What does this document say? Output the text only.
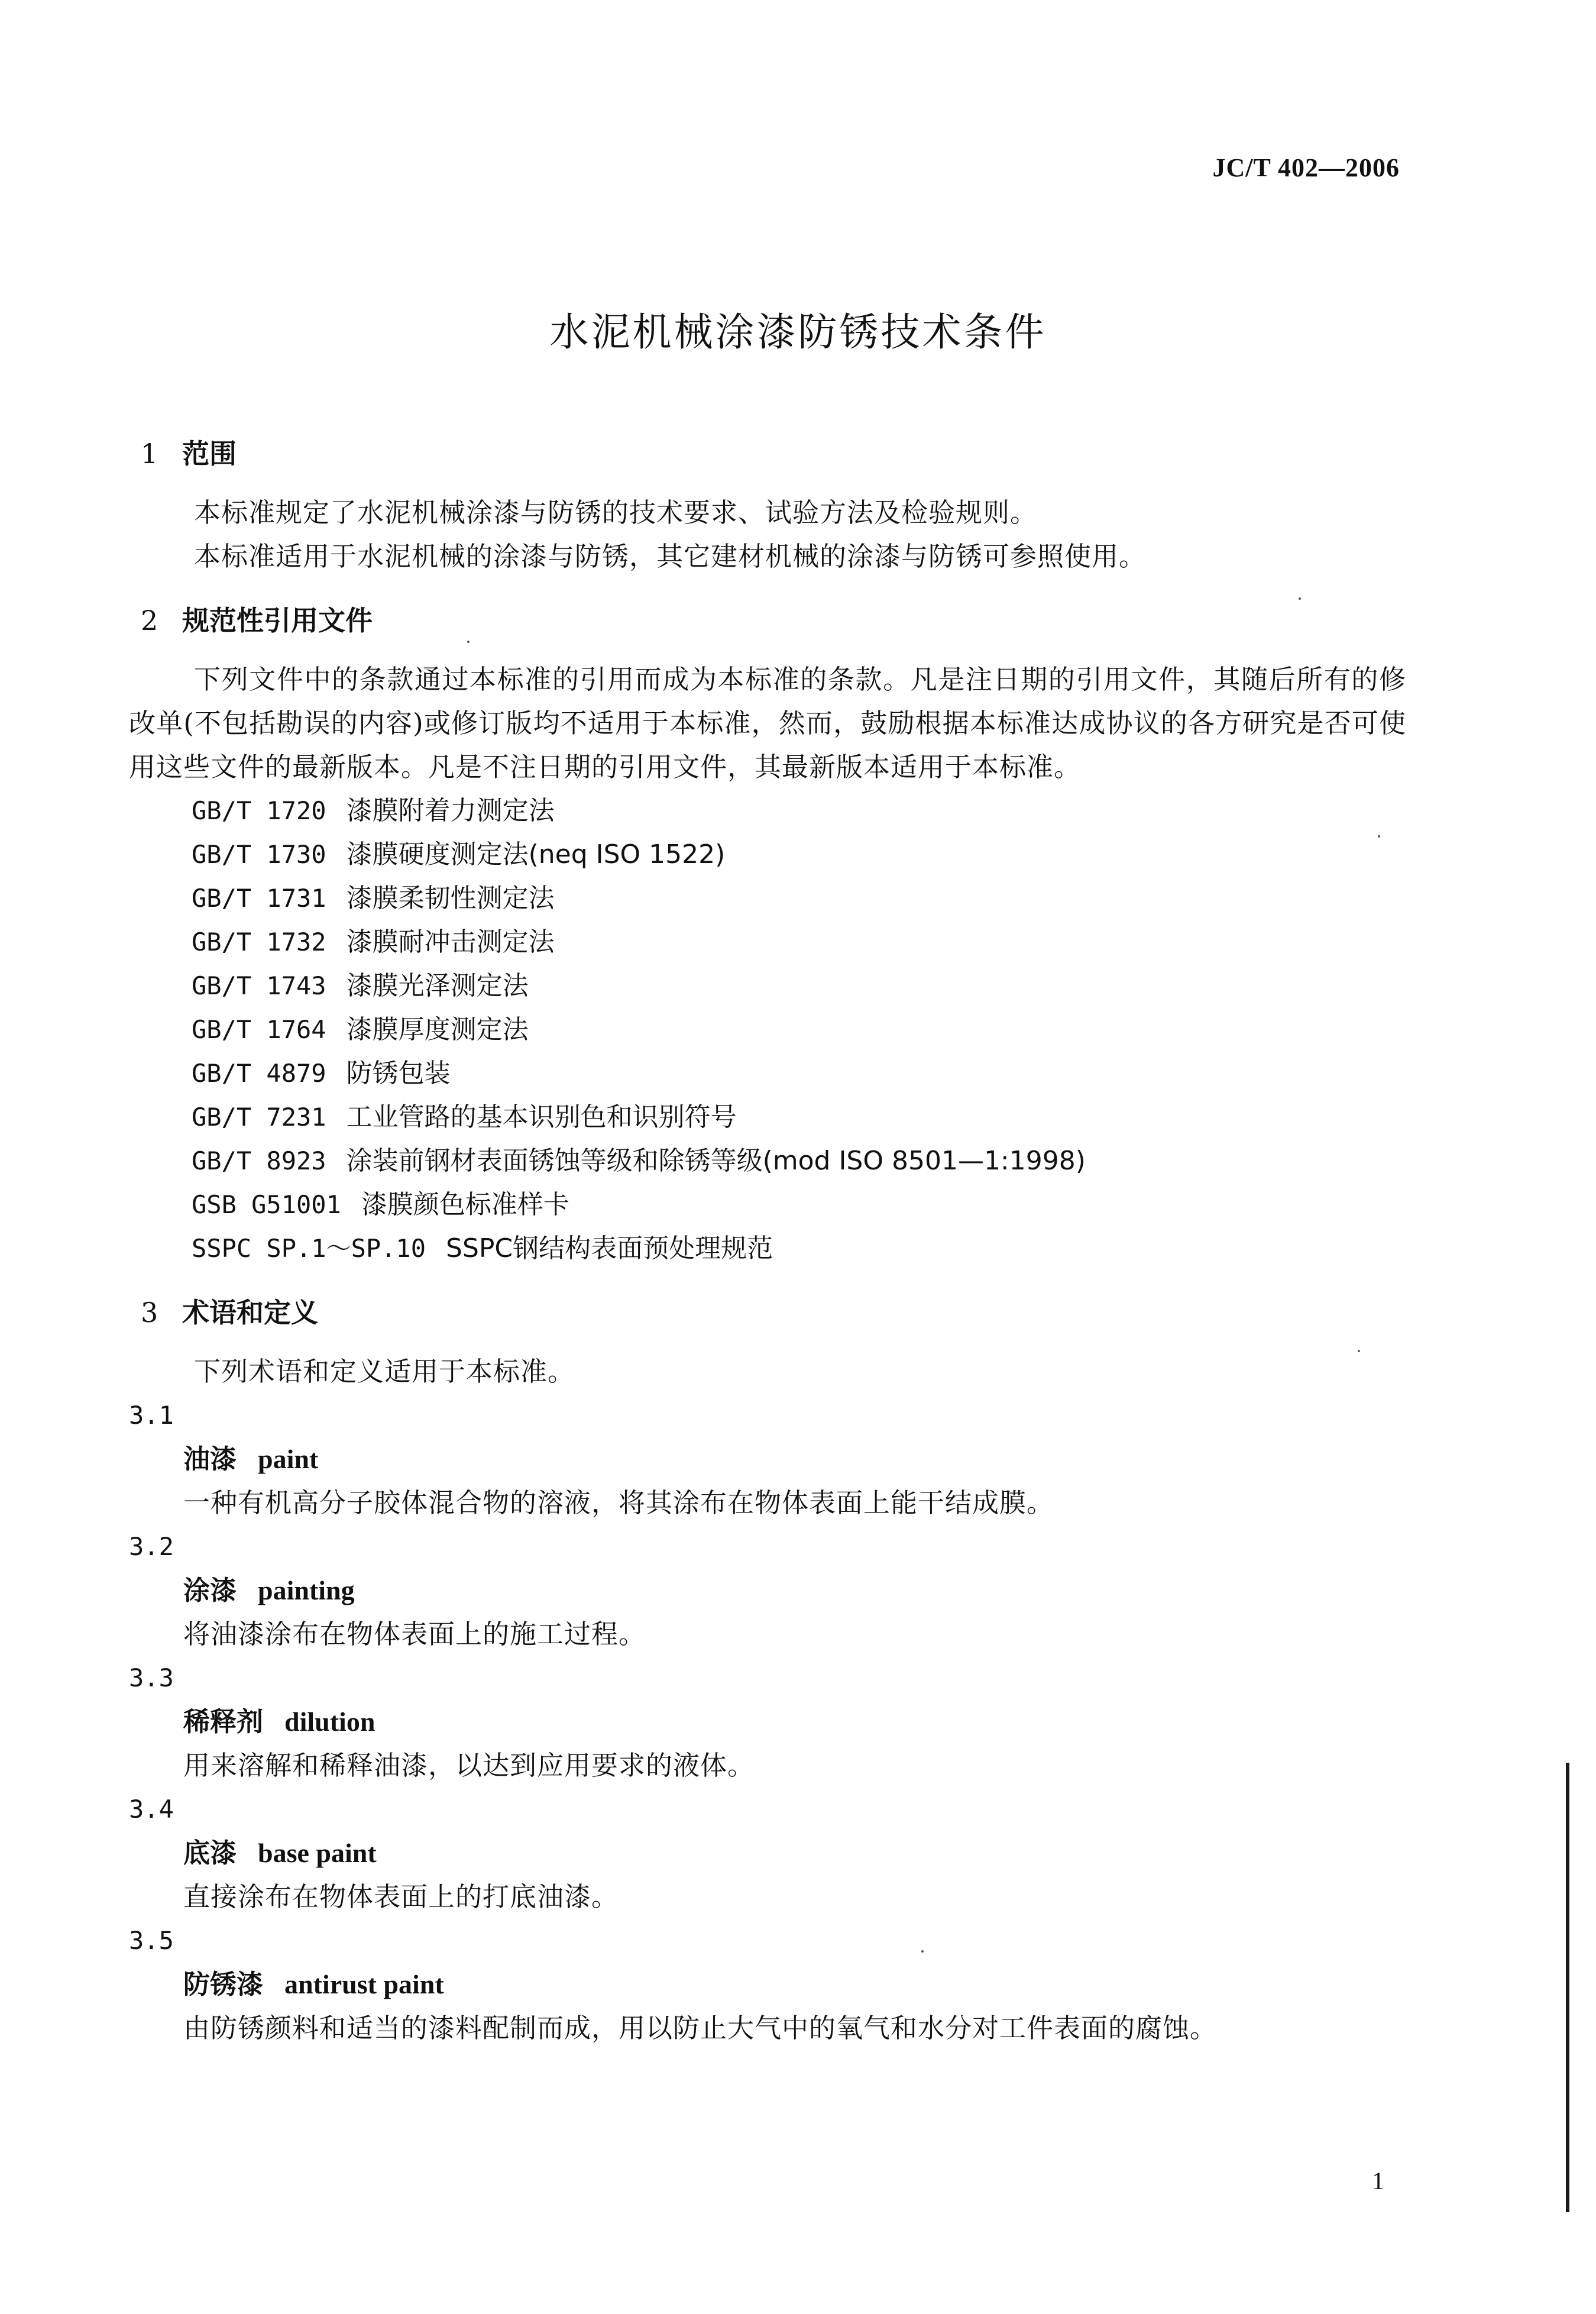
JC/T 402—2006
水泥机械涂漆防锈技术条件
1 范围

本标准规定了水泥机械涂漆与防锈的技术要求、试验方法及检验规则。

本标准适用于水泥机械的涂漆与防锈，其它建材机械的涂漆与防锈可参照使用。

2 规范性引用文件

下列文件中的条款通过本标准的引用而成为本标准的条款。凡是注日期的引用文件，其随后所有的修改单(不包括勘误的内容)或修订版均不适用于本标准，然而，鼓励根据本标准达成协议的各方研究是否可使用这些文件的最新版本。凡是不注日期的引用文件，其最新版本适用于本标准。

GB/T 1720 漆膜附着力测定法
GB/T 1730 漆膜硬度测定法(neq ISO 1522)
GB/T 1731 漆膜柔韧性测定法
GB/T 1732 漆膜耐冲击测定法
GB/T 1743 漆膜光泽测定法
GB/T 1764 漆膜厚度测定法
GB/T 4879 防锈包装
GB/T 7231 工业管路的基本识别色和识别符号
GB/T 8923 涂装前钢材表面锈蚀等级和除锈等级(mod ISO 8501—1:1998)
GSB G51001 漆膜颜色标准样卡
SSPC SP.1～SP.10 SSPC钢结构表面预处理规范
3 术语和定义

下列术语和定义适用于本标准。

3.1

油漆 paint

一种有机高分子胶体混合物的溶液，将其涂布在物体表面上能干结成膜。

3.2

涂漆 painting

将油漆涂布在物体表面上的施工过程。

3.3

稀释剂 dilution

用来溶解和稀释油漆，以达到应用要求的液体。

3.4

底漆 base paint

直接涂布在物体表面上的打底油漆。

3.5

防锈漆 antirust paint

由防锈颜料和适当的漆料配制而成，用以防止大气中的氧气和水分对工件表面的腐蚀。

1
